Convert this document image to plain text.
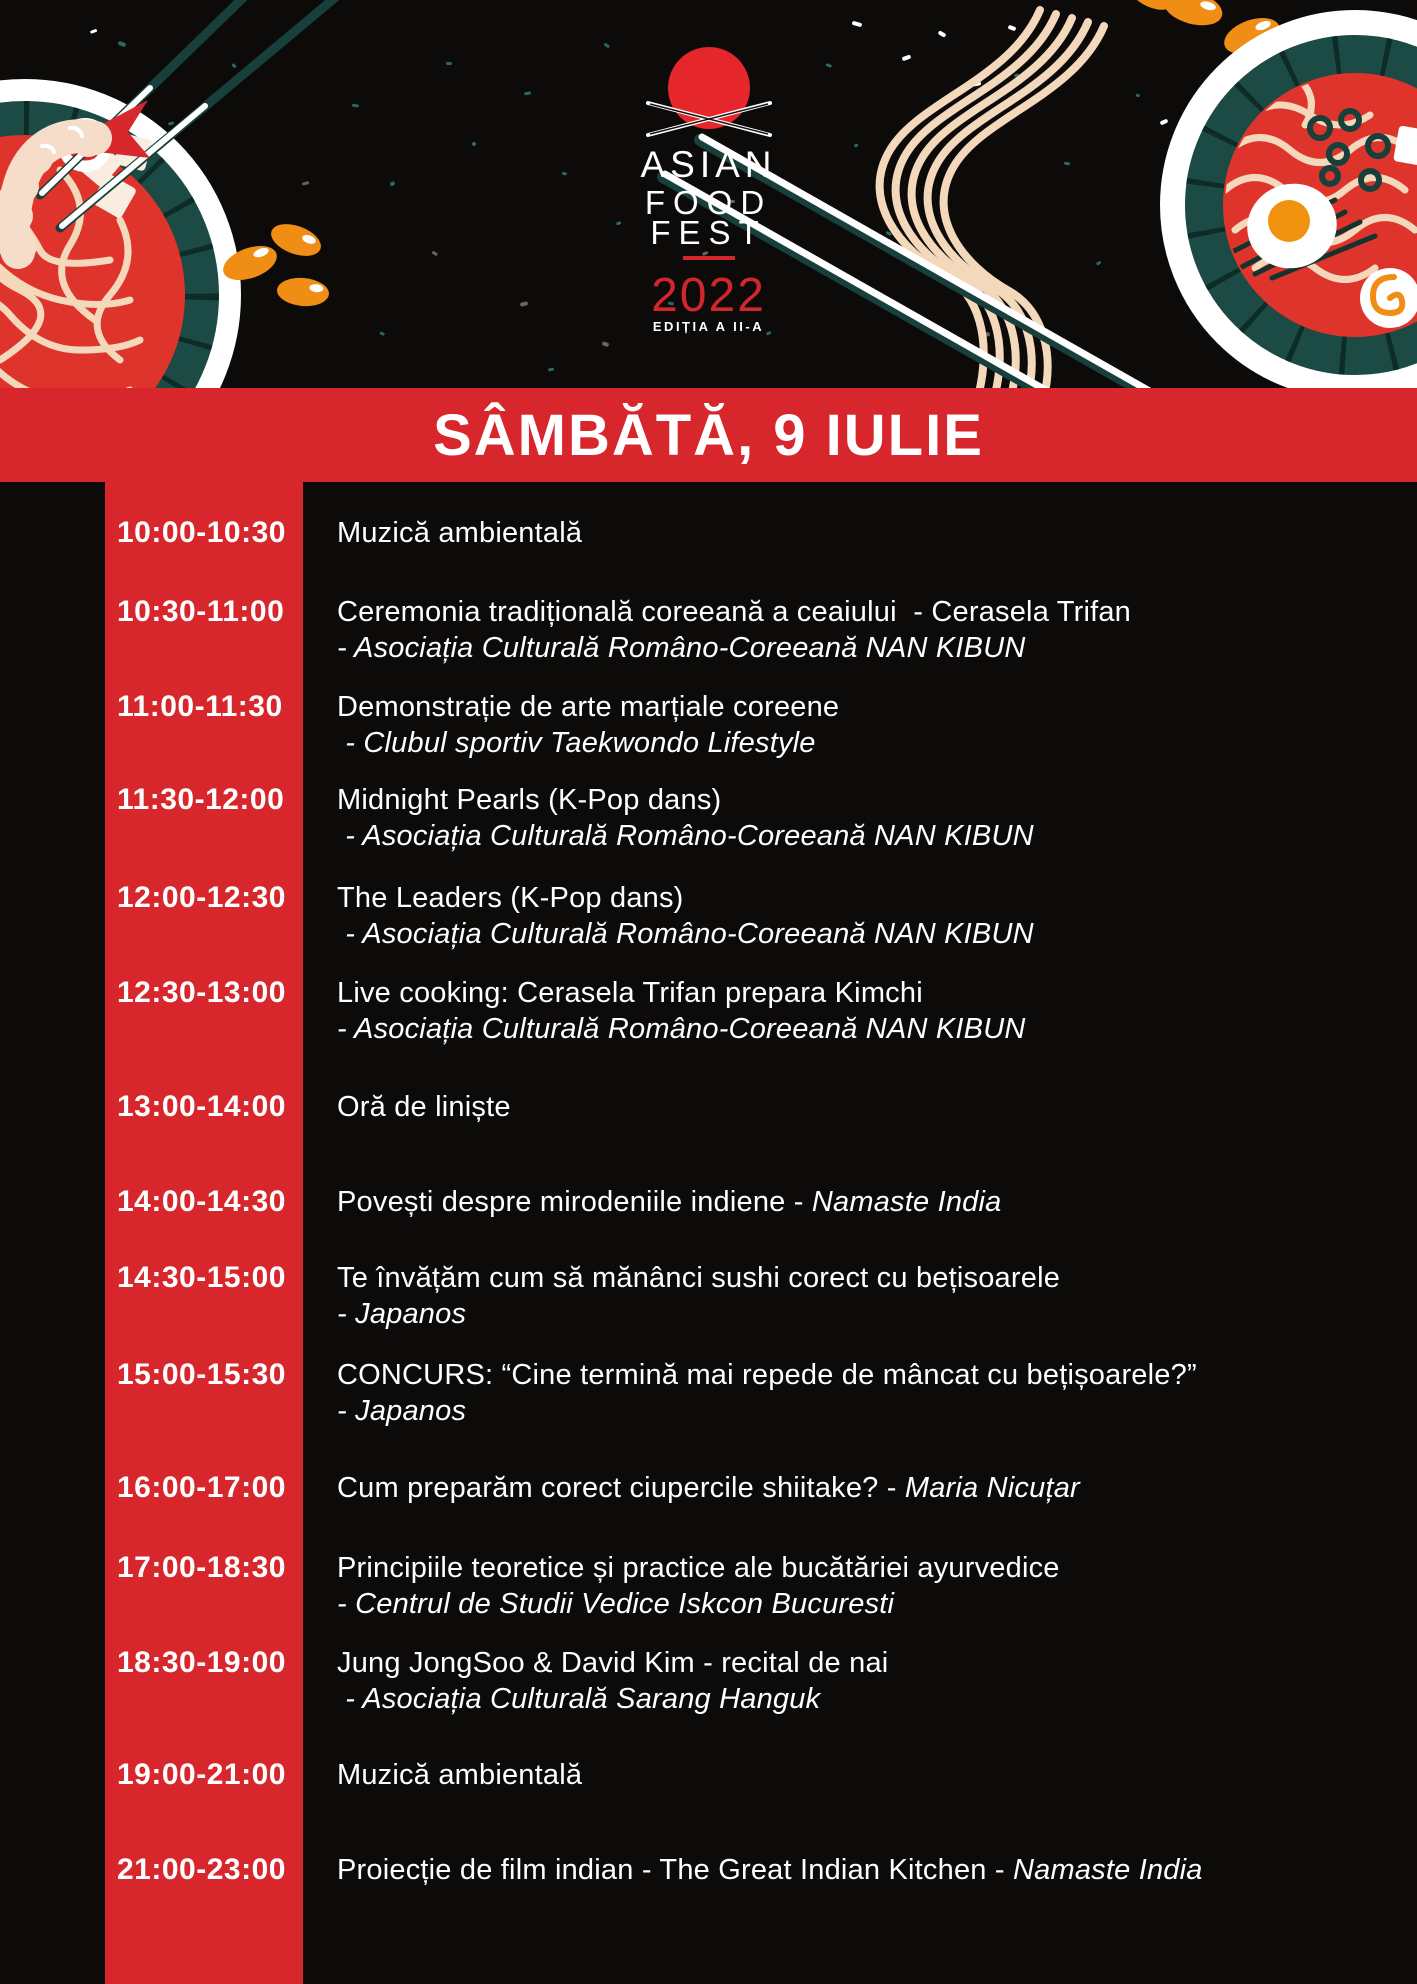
ASIAN
FOOD
FEST
2022
EDIȚIA A II-A
SÂMBĂTĂ, 9 IULIE
10:00-10:30	Muzică ambientală
10:30-11:00	Ceremonia tradițională coreeană a ceaiului  - Cerasela Trifan
- Asociația Culturală Româno-Coreeană NAN KIBUN
11:00-11:30	Demonstrație de arte marțiale coreene
- Clubul sportiv Taekwondo Lifestyle
11:30-12:00	Midnight Pearls (K-Pop dans)
- Asociația Culturală Româno-Coreeană NAN KIBUN
12:00-12:30	The Leaders (K-Pop dans)
- Asociația Culturală Româno-Coreeană NAN KIBUN
12:30-13:00	Live cooking: Cerasela Trifan prepara Kimchi
- Asociația Culturală Româno-Coreeană NAN KIBUN
13:00-14:00	Oră de liniște
14:00-14:30	Povești despre mirodeniile indiene - Namaste India
14:30-15:00	Te învățăm cum să mănânci sushi corect cu bețisoarele
- Japanos
15:00-15:30	CONCURS: “Cine termină mai repede de mâncat cu bețișoarele?”
- Japanos
16:00-17:00	Cum preparăm corect ciupercile shiitake? - Maria Nicuțar
17:00-18:30	Principiile teoretice și practice ale bucătăriei ayurvedice
- Centrul de Studii Vedice Iskcon Bucuresti
18:30-19:00	Jung JongSoo & David Kim - recital de nai
- Asociația Culturală Sarang Hanguk
19:00-21:00	Muzică ambientală
21:00-23:00	Proiecție de film indian - The Great Indian Kitchen - Namaste India
